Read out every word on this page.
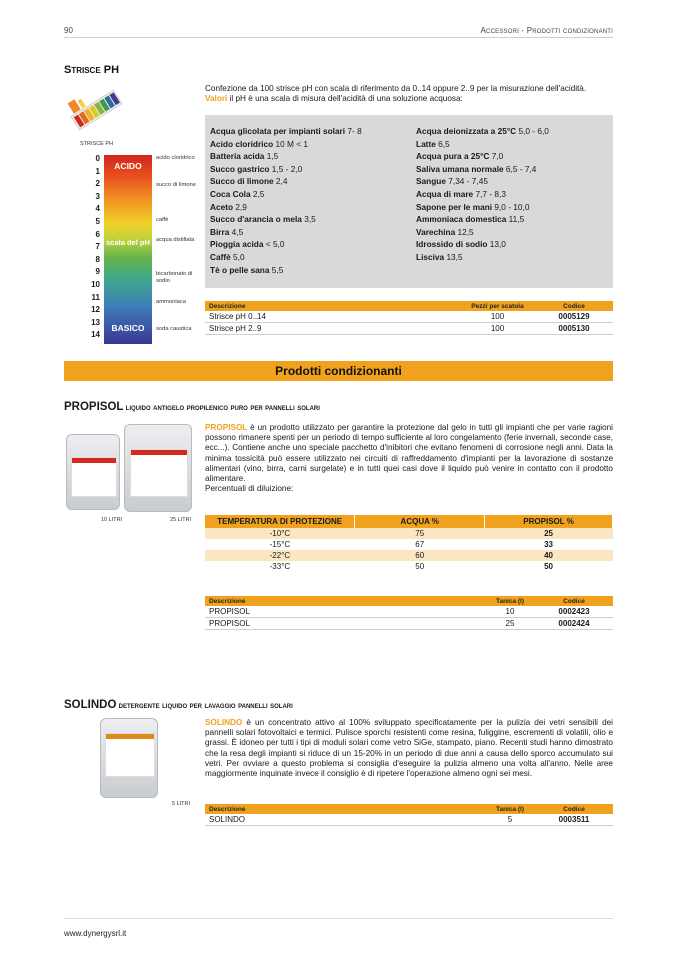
90	Accessori - Prodotti condizionanti
Strisce PH
STRISCE PH
0
1
2
3
4
5
6
7
8
9
10
11
12
13
14
ACIDO
scala del pH
BASICO
acido cloridrico
succo di limone
caffè
acqua distillata
bicarbonato di sodio
ammoniaca
soda caustica
Confezione da 100 strisce pH con scala di riferimento da 0..14 oppure 2..9 per la misurazione dell'acidità.
Valori il pH è una scala di misura dell'acidità di una soluzione acquosa:
Acqua glicolata per impianti solari 7- 8
Acido cloridrico 10 M < 1
Batteria acida 1,5
Succo gastrico 1,5 - 2,0
Succo di limone 2,4
Coca Cola 2,5
Aceto 2,9
Succo d'arancia o mela 3,5
Birra 4,5
Pioggia acida < 5,0
Caffè 5,0
Tè o pelle sana 5,5
Acqua deionizzata a 25°C 5,0 - 6,0
Latte 6,5
Acqua pura a 25°C 7,0
Saliva umana normale 6,5 - 7,4
Sangue 7,34 - 7,45
Acqua di mare 7,7 - 8,3
Sapone per le mani 9,0 - 10,0
Ammoniaca domestica 11,5
Varechina 12,5
Idrossido di sodio 13,0
Lisciva 13,5
Descrizione	Pezzi per scatola	Codice
Strisce pH 0..14	100	0005129
Strisce pH 2..9	100	0005130
Prodotti condizionanti
PROPISOL liquido antigelo propilenico puro per pannelli solari
10 LITRI	25 LITRI
PROPISOL è un prodotto utilizzato per garantire la protezione dal gelo in tutti gli impianti che per varie ragioni possono rimanere spenti per un periodo di tempo sufficiente al loro congelamento (ferie invernali, seconde case, ecc...). Contiene anche uno speciale pacchetto d'inibitori che evitano fenomeni di corrosione negli anni. Data la minima tossicità può essere utilizzato nei circuiti di raffreddamento d'impianti per la lavorazione di sostanze alimentari (vino, birra, carni surgelate) e in tutti quei casi dove il liquido può venire in contatto con il prodotto alimentare.
Percentuali di diluizione:
TEMPERATURA DI PROTEZIONE	ACQUA %	PROPISOL %
-10°C	75	25
-15°C	67	33
-22°C	60	40
-33°C	50	50
Descrizione	Tanica (l)	Codice
PROPISOL	10	0002423
PROPISOL	25	0002424
SOLINDO detergente liquido per lavaggio pannelli solari
5 LITRI
SOLINDO è un concentrato attivo al 100% sviluppato specificatamente per la pulizia dei vetri sensibili dei pannelli solari fotovoltaici e termici. Pulisce sporchi resistenti come resina, fuliggine, escrementi di volatili, olio e grassi. È idoneo per tutti i tipi di moduli solari come vetro SiGe, stampato, piano. Recenti studi hanno dimostrato che la resa degli impianti si riduce di un 15-20% in un periodo di due anni a causa dello sporco accumulato sui vetri. Per ovviare a questo problema si consiglia d'eseguire la pulizia almeno una volta all'anno. Nelle aree maggiormente inquinate invece il consiglio è di ripetere l'operazione almeno ogni sei mesi.
Descrizione	Tanica (l)	Codice
SOLINDO	5	0003511
www.dynergysrl.it
